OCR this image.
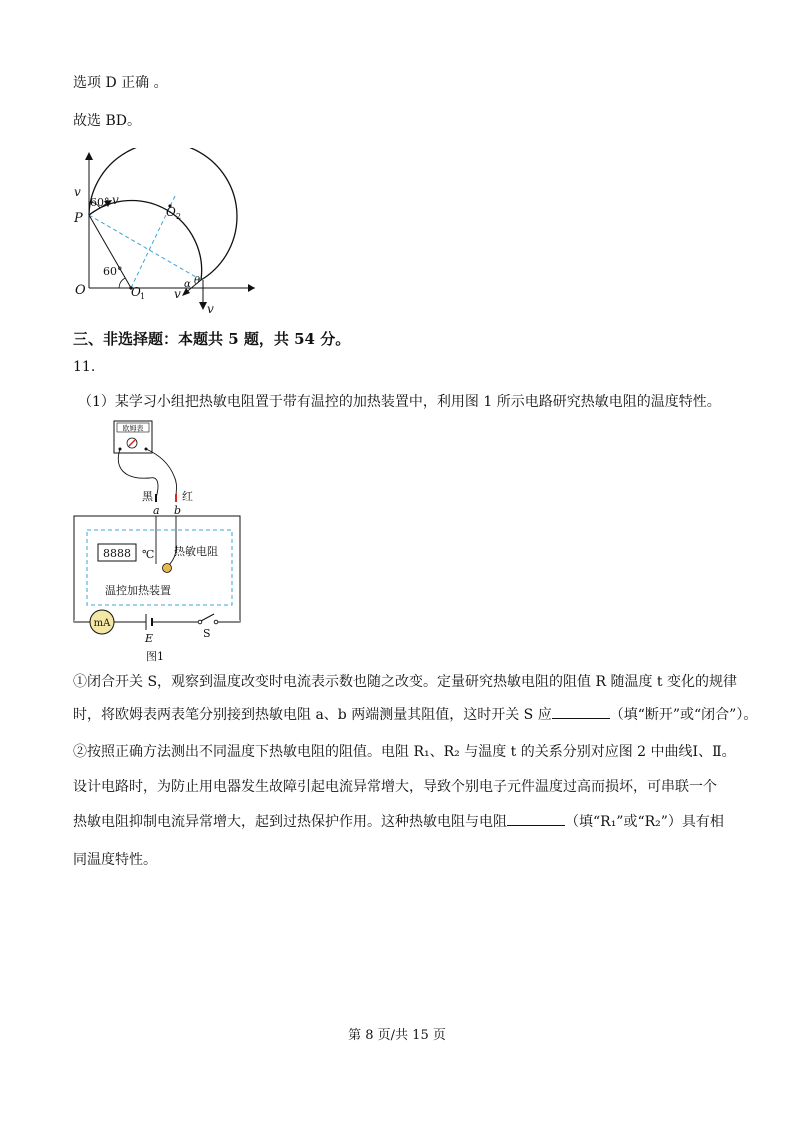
选项 D 正确 。
故选 BD。
v
60° v
P	O 2
60°
O	O 1
θ
α
v
v
三、非选择题：本题共 5 题，共 54 分。
11.
（1）某学习小组把热敏电阻置于带有温控的加热装置中，利用图 1 所示电路研究热敏电阻的温度特性。
欧姆表
黑	红
a b
8888 ℃ 热敏电阻
温控加热装置
mA
E	S
图1
①闭合开关 S，观察到温度改变时电流表示数也随之改变。定量研究热敏电阻的阻值 R 随温度 t 变化的规律
时，将欧姆表两表笔分别接到热敏电阻 a、b 两端测量其阻值，这时开关 S 应	（填“断开”或“闭合”）。
②按照正确方法测出不同温度下热敏电阻的阻值。电阻 R₁、R₂ 与温度 t 的关系分别对应图 2 中曲线Ⅰ、Ⅱ。
设计电路时，为防止用电器发生故障引起电流异常增大，导致个别电子元件温度过高而损坏，可串联一个
热敏电阻抑制电流异常增大，起到过热保护作用。这种热敏电阻与电阻	（填“R₁”或“R₂”）具有相
同温度特性。
第 8 页/共 15 页
